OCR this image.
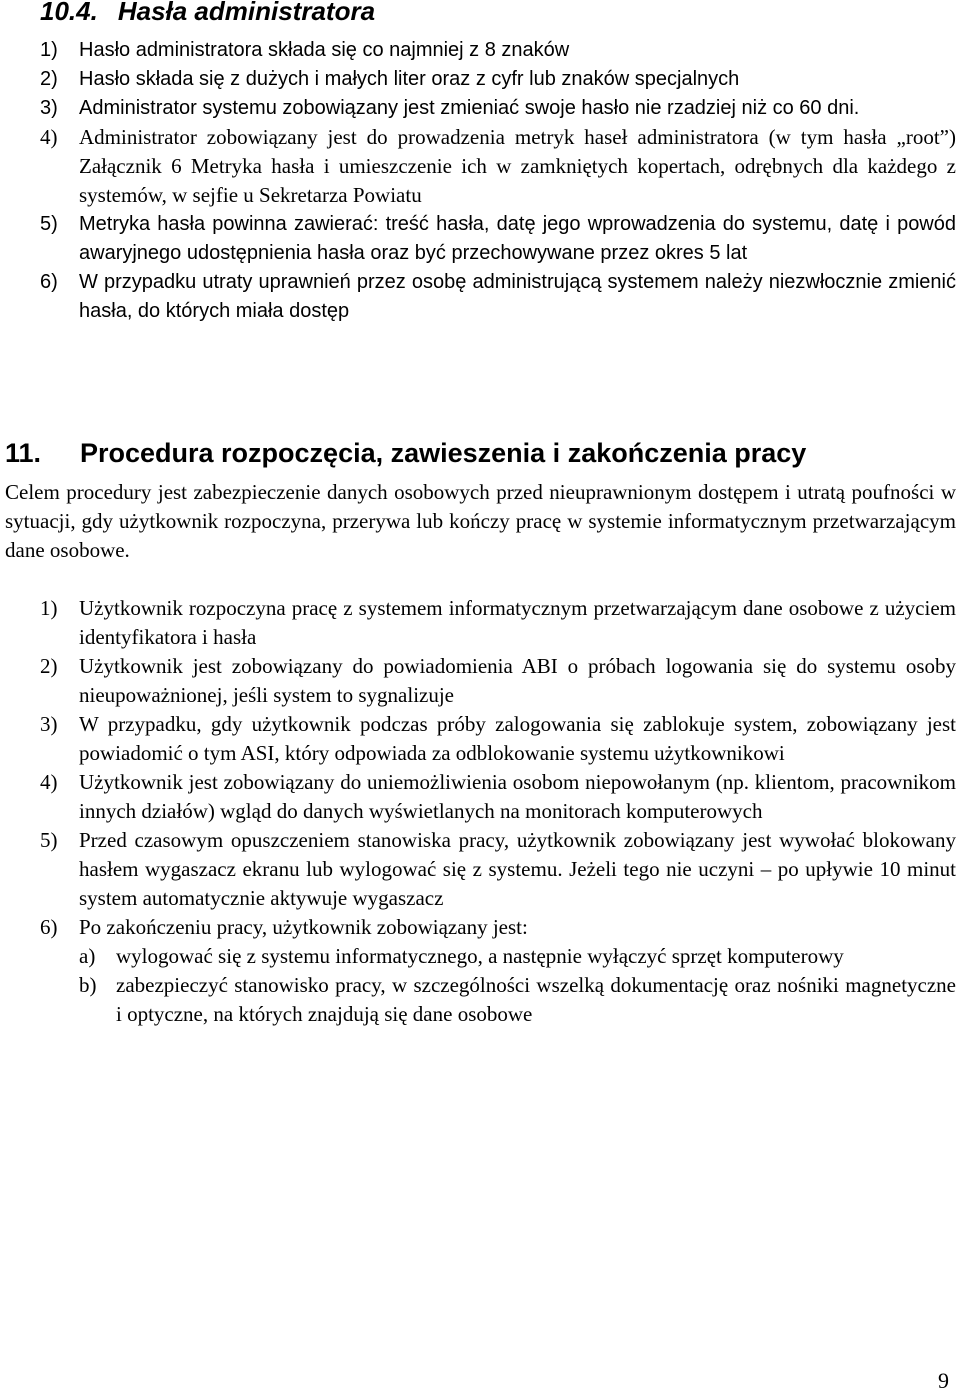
10.4. Hasła administratora
1) Hasło administratora składa się co najmniej z 8 znaków
2) Hasło składa się z dużych i małych liter oraz z cyfr lub znaków specjalnych
3) Administrator systemu zobowiązany jest zmieniać swoje hasło nie rzadziej niż co 60 dni.
4) Administrator zobowiązany jest do prowadzenia metryk haseł administratora (w tym hasła „root”) Załącznik 6 Metryka hasła i umieszczenie ich w zamkniętych kopertach, odrębnych dla każdego z systemów, w sejfie u Sekretarza Powiatu
5) Metryka hasła powinna zawierać: treść hasła, datę jego wprowadzenia do systemu, datę i powód awaryjnego udostępnienia hasła oraz być przechowywane przez okres 5 lat
6) W przypadku utraty uprawnień przez osobę administrującą systemem należy niezwłocznie zmienić hasła, do których miała dostęp
11. Procedura rozpoczęcia, zawieszenia i zakończenia pracy

Celem procedury jest zabezpieczenie danych osobowych przed nieuprawnionym dostępem i utratą poufności w sytuacji, gdy użytkownik rozpoczyna, przerywa lub kończy pracę w systemie informatycznym przetwarzającym dane osobowe.

1) Użytkownik rozpoczyna pracę z systemem informatycznym przetwarzającym dane osobowe z użyciem identyfikatora i hasła
2) Użytkownik jest zobowiązany do powiadomienia ABI o próbach logowania się do systemu osoby nieupoważnionej, jeśli system to sygnalizuje
3) W przypadku, gdy użytkownik podczas próby zalogowania się zablokuje system, zobowiązany jest powiadomić o tym ASI, który odpowiada za odblokowanie systemu użytkownikowi
4) Użytkownik jest zobowiązany do uniemożliwienia osobom niepowołanym (np. klientom, pracownikom innych działów) wgląd do danych wyświetlanych na monitorach komputerowych
5) Przed czasowym opuszczeniem stanowiska pracy, użytkownik zobowiązany jest wywołać blokowany hasłem wygaszacz ekranu lub wylogować się z systemu. Jeżeli tego nie uczyni – po upływie 10 minut system automatycznie aktywuje wygaszacz
6) Po zakończeniu pracy, użytkownik zobowiązany jest:
a) wylogować się z systemu informatycznego, a następnie wyłączyć sprzęt komputerowy
b) zabezpieczyć stanowisko pracy, w szczególności wszelką dokumentację oraz nośniki magnetyczne i optyczne, na których znajdują się dane osobowe
9
